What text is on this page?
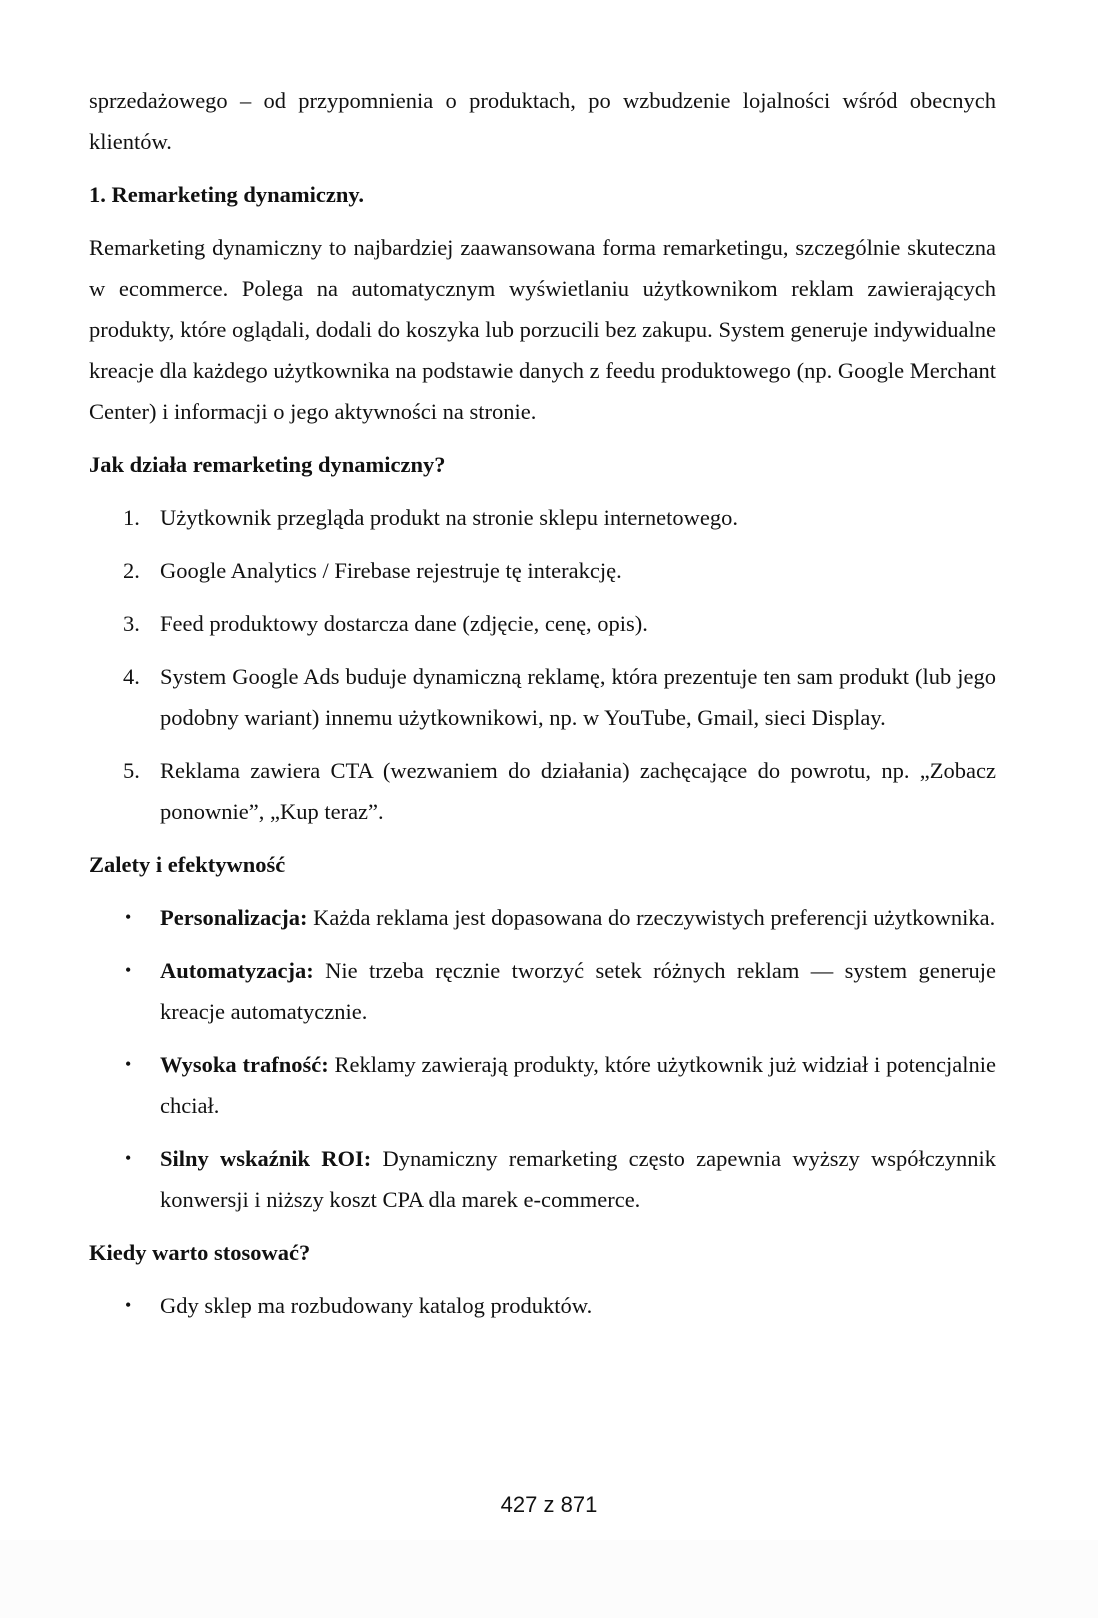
sprzedażowego – od przypomnienia o produktach, po wzbudzenie lojalności wśród obecnych klientów.

1. Remarketing dynamiczny.

Remarketing dynamiczny to najbardziej zaawansowana forma remarketingu, szczególnie skuteczna w ecommerce. Polega na automatycznym wyświetlaniu użytkownikom reklam zawierających produkty, które oglądali, dodali do koszyka lub porzucili bez zakupu. System generuje indywidualne kreacje dla każdego użytkownika na podstawie danych z feedu produktowego (np. Google Merchant Center) i informacji o jego aktywności na stronie.

Jak działa remarketing dynamiczny?

1. Użytkownik przegląda produkt na stronie sklepu internetowego.
2. Google Analytics / Firebase rejestruje tę interakcję.
3. Feed produktowy dostarcza dane (zdjęcie, cenę, opis).
4. System Google Ads buduje dynamiczną reklamę, która prezentuje ten sam produkt (lub jego podobny wariant) innemu użytkownikowi, np. w YouTube, Gmail, sieci Display.
5. Reklama zawiera CTA (wezwaniem do działania) zachęcające do powrotu, np. „Zobacz ponownie”, „Kup teraz”.

Zalety i efektywność

• Personalizacja: Każda reklama jest dopasowana do rzeczywistych preferencji użytkownika.
• Automatyzacja: Nie trzeba ręcznie tworzyć setek różnych reklam — system generuje kreacje automatycznie.
• Wysoka trafność: Reklamy zawierają produkty, które użytkownik już widział i potencjalnie chciał.
• Silny wskaźnik ROI: Dynamiczny remarketing często zapewnia wyższy współczynnik konwersji i niższy koszt CPA dla marek e-commerce.

Kiedy warto stosować?

• Gdy sklep ma rozbudowany katalog produktów.
427 z 871
